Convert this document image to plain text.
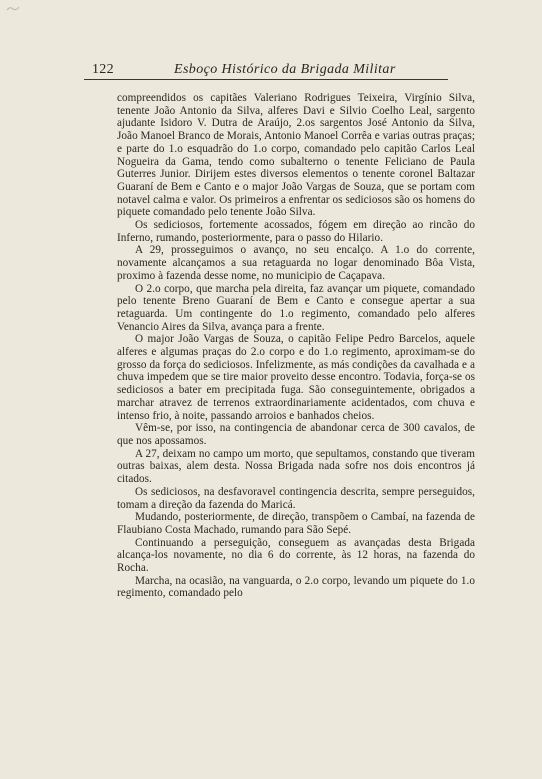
122	Esboço Histórico da Brigada Militar

compreendidos os capitães Valeriano Rodrigues Teixeira, Virgínio Silva, tenente João Antonio da Silva, alferes Davi e Silvio Coelho Leal, sargento ajudante Isidoro V. Dutra de Araújo, 2.os sargentos José Antonio da Silva, João Manoel Branco de Morais, Antonio Manoel Corrêa e varias outras praças; e parte do 1.o esquadrão do 1.o corpo, comandado pelo capitão Carlos Leal Nogueira da Gama, tendo como subalterno o tenente Feliciano de Paula Guterres Junior. Dirijem estes diversos elementos o tenente coronel Baltazar Guaraní de Bem e Canto e o major João Vargas de Souza, que se portam com notavel calma e valor. Os primeiros a enfrentar os sediciosos são os homens do piquete comandado pelo tenente João Silva.

Os sediciosos, fortemente acossados, fógem em direção ao rincão do Inferno, rumando, posteriormente, para o passo do Hilario.

A 29, prosseguimos o avanço, no seu encalço. A 1.o do corrente, novamente alcançamos a sua retaguarda no logar denominado Bôa Vista, proximo à fazenda desse nome, no municipio de Caçapava.

O 2.o corpo, que marcha pela direita, faz avançar um piquete, comandado pelo tenente Breno Guaraní de Bem e Canto e consegue apertar a sua retaguarda. Um contingente do 1.o regimento, comandado pelo alferes Venancio Aires da Silva, avança para a frente.

O major João Vargas de Souza, o capitão Felipe Pedro Barcelos, aquele alferes e algumas praças do 2.o corpo e do 1.o regimento, aproximam-se do grosso da força do sediciosos. Infelizmente, as más condições da cavalhada e a chuva impedem que se tire maior proveito desse encontro. Todavia, força-se os sediciosos a bater em precipitada fuga. São conseguintemente, obrigados a marchar atravez de terrenos extraordinariamente acidentados, com chuva e intenso frio, à noite, passando arroios e banhados cheios.

Vêm-se, por isso, na contingencia de abandonar cerca de 300 cavalos, de que nos apossamos.

A 27, deixam no campo um morto, que sepultamos, constando que tiveram outras baixas, alem desta. Nossa Brigada nada sofre nos dois encontros já citados.

Os sediciosos, na desfavoravel contingencia descrita, sempre perseguidos, tomam a direção da fazenda do Maricá.

Mudando, posteriormente, de direção, transpõem o Cambaí, na fazenda de Flaubiano Costa Machado, rumando para São Sepé.

Continuando a perseguição, conseguem as avançadas desta Brigada alcança-los novamente, no dia 6 do corrente, às 12 horas, na fazenda do Rocha.

Marcha, na ocasião, na vanguarda, o 2.o corpo, levando um piquete do 1.o regimento, comandado pelo
